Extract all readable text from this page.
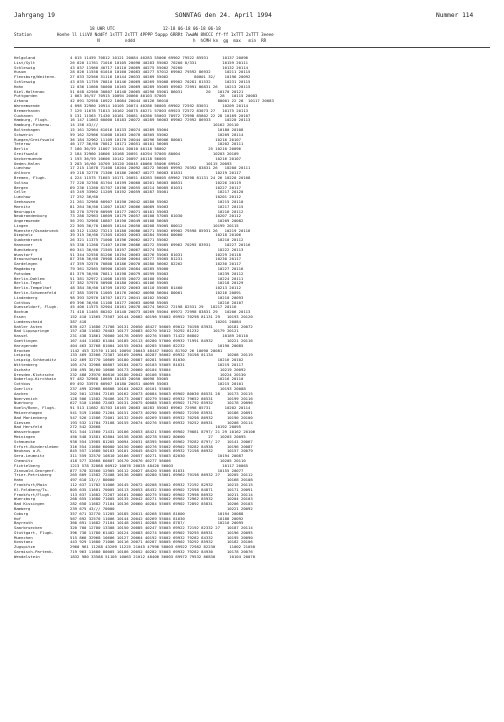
Jahrgang 19	SONNTAG den 24. April 1994	Nummer 114
18 UHR UTC                   12-18 06-18 06-18 06-18
Station          Hoehe ll iiiVV NddFf 1sTTT 2sTTT 4PPPP 5appp 6RRRt 7wwWW 8NCCC ff-ff 1xTTT 2xTTT 3eeee
N          nddd                       h  hCMH kn  gg  max   min  RR
Helgoland	4 015 11459 70812 10121 20084 40283 55006 69902 79522 85931      10137 20096
List/Sylt	26 020 11761 71016 10105 20090 40283 55002 70200 8/331           10159 20111
Schleswig	43 037 11960 40717 10110 20069 40275 55002 70200                 10132 20114
Husum	28 026 11558 61010 10160 20083 40277 57012 69902 79592 86932      10211 20115
Flensburg/Weiterm.	27 033 32560 51116 10144 20033 40289 55002           80001 32/    10196 20092
Schleswig	43 035 11759 70810 10146 20069 40269 55008 69902 70281 81532      10231 20115
Hohn	12 036 11660 50000 10165 20069 40289 55005 69902 72991 86831 26   10213 20115
Kiel-Holtenau	51 048 42560 30807 10148 20065 40290 55001 86031          20   10170 20121
Puttgarden	1 063 36/57 70915 10094 20060 40103 57005                       28   10115 20083
Arkona	42 091 32958 10922 10084 20044 40126 56010                     80001 22 28  10117 20083
Warnemuende	4 098 32960 10914 10105 20074 40286 56005 69902 72592 83031      10209 20114
Bremerhaven	7 129 11678 71813 10162 20075 40271 57003 69923 72572 83073 27   10175 20113
Cuxhaven	5 131 11563 71430 10161 20081 40280 55003 70972 72998 85802 22 28 10169 20107
Hamburg, Flugh.	16 147 11663 60000 10183 20072 40289 56003 69902 72992 86933      10220 20113
Hamburg-Finkenw.	14 158 43///                                                 10162 20110
Boltenhagen	15 161 32964 61016 10133 20074 40289 55004                     10180 20108
Schwerin	59 162 32966 51008 10163 20070 40305 55002                     10209 20114
Ruegen/Greifswald	36 184 32962 11109 10170 20044 40296 56006 80001              10216 20107
Teterow	46 177 36/60 70812 10171 20051 40101 56005                     10202 20111
Berlin	7 180 36/59 11007 10144 20010 40118 58002                  25 10210 20096
Greifswald	2 184 32960 10606 10168 20091 40294 57005 80004              10203 20109
Ueckermuende	1 193 36/59 10606 10142 20097 40118 56005                     10216 20107
Oeden-Halen	3 203 16/60 10709 10120 20045 40060 55006 69942           10115 20093
Luechow	17 215 11678 71408 10204 20092 40272 56005 69992 70392 83831 26   10200 20111
Ahlhorn	49 218 32770 71306 10186 20067 40277 56003 81831              10219 20117
Bremen, Flugh.	4 224 11575 71603 10171 20051 40283 56005 69962 70298 81131 24 26 10220 20108
Soltau	77 228 32768 81704 10199 20060 40201 56003 80831              10226 20119
Bergen	69 236 11260 81707 10196 20055 40214 56005 81031              10227 20117
Celle	45 249 33962 11209 10192 20059 40287 55001                     10217 20120
Luechow	17 252 36/60                                                  10201 20112
Seehausen	21 261 32968 60907 10190 20042 40280 55002                     10215 20110
Marnitz	81 264 36/60 11007 10187 20066 40089 55003                     10217 20115
Neuruppin	38 270 37970 60909 10177 20071 40101 55003                     10216 20112
Neubrandenburg	73 280 32963 10609 10179 20057 40108 57005 81030              10207 20112
Angermuende	56 291 32968 10807 10190 20049 40108 56005                     10209 20082
Lingen	22 305 36/70 10605 10144 20050 40208 55005 80012             10199 20115
Muenster/Osnabrueck	48 312 11282 73213 10180 20086 40271 55002 69902 79598 85931 26   10219 20116
Diepholz	39 315 36/60 71305 10203 20063 40284 55004 80000              10218 20106
Quakenbrueck	26 321 11375 71008 10196 20062 40271 55002                     10210 20112
Hannover	55 338 11268 71407 10196 20086 40272 55005 69962 70295 83931      10227 20116
Bueckeburg	60 341 36/60 71505 10197 20067 40274 55004                     10222 20113
Wunstorf	51 344 32558 81206 10194 20063 40276 55003 81031              10229 20118
Braunschweig	87 350 36/68 70908 10200 20064 40277 55005 81231              10230 20117
Gardelegen	47 359 32570 70808 10186 20070 40280 56002 82202              10230 20117
Magdeburg	79 361 32565 50900 10205 20084 40285 55000                     10227 20116
Potsdam	81 379 36/60 70811 10198 20079 40299 55003                     10239 20112
Berlin-Dahlem	51 381 32972 11008 10195 20072 40100 55004                     10224 20111
Berlin-Tegel	37 382 37970 50908 10180 20061 40106 55005                     10218 20129
Berlin-Tempelhof	48 384 36/60 10709 10192 20063 40110 55005 81400              10213 20112
Berlin-Schoenefeld	47 385 33970 11005 10176 20062 40098 56004 80001              10216 20091
Lindenberg	98 393 32970 10707 10171 20041 40102 55002                     10210 20093
Cottbus	69 396 36/60 11108 10177 20063 40098 55005                     10216 20107
Duesseldorf, Flugh.	45 400 11575 52904 10161 20078 40274 56012 72198 82531 29   10217 20116
Bochum	71 410 11465 80202 10140 20073 40269 55004 69972 72998 83831 29   10206 20113
Essen	152 410 11565 73507 10144 20082 40196 55002 69952 70298 81131 29   10193 20120
Luedenscheid	387 418                                                       10201 20084
Kahler Asten	839 427 11686 71708 10131 20050 48427 56005 69012 70198 83931      10181 20072
Bad Lippspringe	157 430 11682 70403 10177 20083 40270 56012 70292 81232      10179 20121
Kassel	231 438 31861 70000 10178 20059 40276 55005 71422 86802          10189 20110
Goettingen	167 444 11682 61404 10185 20113 40280 57000 69932 71991 84932      10221 20116
Harzgerode	404 463 32768 81004 10155 20034 40285 55006 82232              10190 20085
Brocken	1142 453 32570 11101 10094 20043 48447 56001 81702 26 10090 20081
Leipzig	133 469 32566 72307 10169 20094 40287 56002 69932 70198 81134      10208 20119
Leipzig-Schkeuditz	142 469 32770 10609 10180 20087 40281 56005 81030              10216 20102
Wittenberg	105 474 32968 60807 10184 20072 40103 55005 81031              10219 20117
Oschatz	150 495 36/60 10606 10173 20060 40104 55004                     10219 20092
Dresden-Klotzsche	232 488 23970 60810 10180 20042 40106 55004                     10224 20130
Doberlug-Kirchhain	97 482 32968 10609 10183 20050 40098 55005                     10216 20110
Cottbus	69 492 33970 60907 10180 20051 40099 55003                     10215 20101
Goerlitz	237 499 32968 60808 10164 20023 40101 55005                     10193 20088
Aachen	202 501 12584 72105 10162 20073 40084 56003 69902 80030 86531 28   10173 20115
Noervenich	128 506 11582 70406 10173 20087 40279 55002 69932 79652 86531      10199 20116
Nuerburg	627 510 11680 72403 10131 20075 40088 55003 69902 71792 85932      10178 20096
Koeln/Bonn, Flugh.	91 513 11682 81703 10165 20083 40283 55003 69962 72998 85731      10202 20114
Meinerzhagen	541 519 11680 71204 10151 20073 40290 56005 69902 72190 85931      10186 20091
Bad Marienberg	547 526 11586 72001 10132 20049 40269 55005 69932 70298 86932      10190 20100
Giessen	193 532 11784 73108 10155 20074 40276 55003 69932 70252 86931      10208 20114
Bad Hersfeld	272 542 32668                                                 10192 20095
Wasserkuppe	921 544 11560 71431 10106 20053 48421 55006 69902 79081 8797/ 21 29 10162 20106
Meiningen	450 548 31581 62804 10158 20038 40278 55002 80600          27   10203 20095
Schmuecke	938 554 13985 81205 10094 20031 48395 56005 69962 79282 8797/ 27   10141 20067
Erfurt-Bindersleben	316 554 11680 60000 10150 20060 40276 55002 69902 70282 84938      10196 20087
Neuhaus a.R.	845 557 11680 50103 10101 20045 48425 56005 69932 72198 86932      10157 20079
Gera-Leumnitz	311 559 32570 10810 10166 20057 40271 55003 82030              10194 20087
Chemnitz	418 577 32668 60807 10170 20076 40277 56006                     10205 20110
Fichtelberg	1213 578 32868 00912 10076 20035 48420 56003                     10117 20065
Zinnwald-Georgenf.	877 578 32560 12905 10112 20027 48420 55006 81031              10155 20077
Trier-Petrisberg	265 609 11582 72408 10136 20085 40280 53001 69962 79198 86932 27   10205 20112
Hahn	497 610 13/// 80000                                                10168 20108
Frankfurt/Main	112 637 11782 51006 10145 20072 40208 55002 69932 72192 82932      10215 20115
Kl.Feldberg/Ts.	805 635 11681 70005 10113 20053 48432 55000 69902 72598 84871      10171 20091
Frankfurt/Flugh.	113 637 11682 72207 10161 20080 40275 55002 69902 72998 86932      10211 20114
Wuerzburg	268 655 11680 71005 10135 20042 40271 56002 69902 72962 85932      10204 20103
Bad Kissingen	282 658 11682 71104 10136 20060 40284 55005 69902 72892 85831      10206 20103
Bamberg	239 675 43/// 70000                                                10221 20092
Coburg	357 671 32770 11205 10185 20011 40268 55008 81600              10194 20088
Hof	567 692 32570 11006 10144 20042 40269 55004 81030              10188 20092
Bayreuth	360 691 11682 71104 10148 20051 40288 55004 8787/              10210 20095
Saarbruecken	320 700 12780 13308 10150 20085 40247 55003 69922 72192 82332 27   10187 20114
Stuttgart, Flugh.	396 738 11780 61402 10124 20083 40274 56005 69902 70295 86931      10196 20095
Muenchen	515 866 32968 10606 10127 20064 40192 55002 69932 79282 84332      10195 20090
Konstanz	443 929 11680 71006 10116 20071 40287 56005 69902 70292 85932      10182 20106
Zugspitze	2960 961 11288 43209 11225 21045 47996 58003 69922 72982 82230      11002 21050
Garmisch-Partenk.	719 963 11680 80005 10106 20052 40282 55003 69932 79282 84930      10178 20076
Wendelstein	1832 980 33588 51105 10063 21012 48406 56003 69972 79532 86830      10104 20070
